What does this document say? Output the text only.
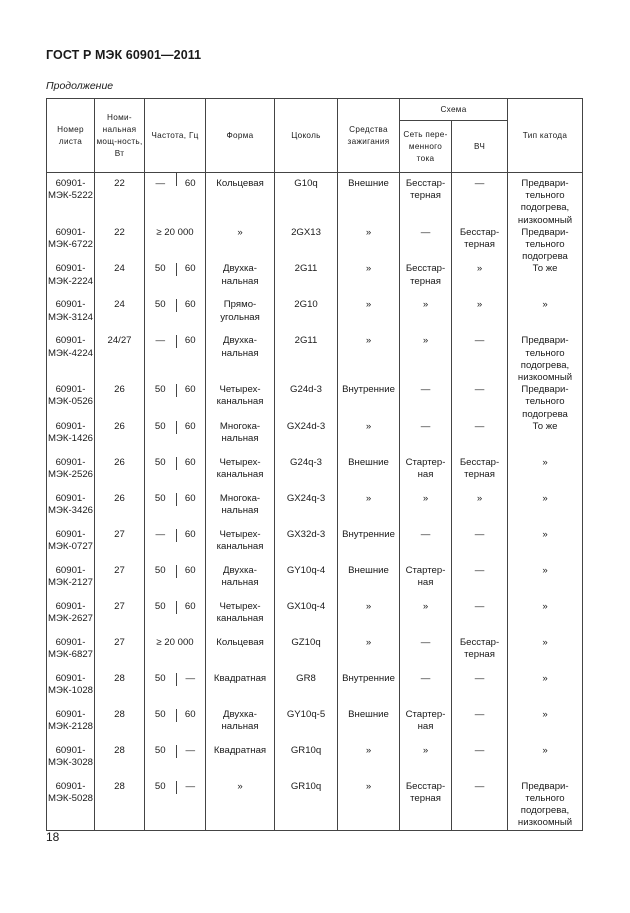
ГОСТ Р МЭК 60901—2011
Продолжение
Номер листа	Номи-нальная мощ-ность, Вт	Частота, Гц		Форма	Цоколь	Средства зажигания	Схема		Тип катода
							Сеть пере-менного тока	ВЧ	
60901-МЭК-5222	22	—	60	Кольцевая	G10q	Внешние	Бесстар-терная	—	Предвари-тельного подогрева, низкоомный
60901-МЭК-6722	22	≥ 20 000		»	2GX13	»	—	Бесстар-терная	Предвари-тельного подогрева
60901-МЭК-2224	24	50	60	Двухка-нальная	2G11	»	Бесстар-терная	»	То же
60901-МЭК-3124	24	50	60	Прямо-угольная	2G10	»	»	»	»
60901-МЭК-4224	24/27	—	60	Двухка-нальная	2G11	»	»	—	Предвари-тельного подогрева, низкоомный
60901-МЭК-0526	26	50	60	Четырех-канальная	G24d-3	Внутренние	—	—	Предвари-тельного подогрева
60901-МЭК-1426	26	50	60	Многока-нальная	GX24d-3	»	—	—	То же
60901-МЭК-2526	26	50	60	Четырех-канальная	G24q-3	Внешние	Стартер-ная	Бесстар-терная	»
60901-МЭК-3426	26	50	60	Многока-нальная	GX24q-3	»	»	»	»
60901-МЭК-0727	27	—	60	Четырех-канальная	GX32d-3	Внутренние	—	—	»
60901-МЭК-2127	27	50	60	Двухка-нальная	GY10q-4	Внешние	Стартер-ная	—	»
60901-МЭК-2627	27	50	60	Четырех-канальная	GX10q-4	»	»	—	»
60901-МЭК-6827	27	≥ 20 000		Кольцевая	GZ10q	»	—	Бесстар-терная	»
60901-МЭК-1028	28	50	—	Квадратная	GR8	Внутренние	—	—	»
60901-МЭК-2128	28	50	60	Двухка-нальная	GY10q-5	Внешние	Стартер-ная	—	»
60901-МЭК-3028	28	50	—	Квадратная	GR10q	»	»	—	»
60901-МЭК-5028	28	50	—	»	GR10q	»	Бесстар-терная	—	Предвари-тельного подогрева, низкоомный
18
